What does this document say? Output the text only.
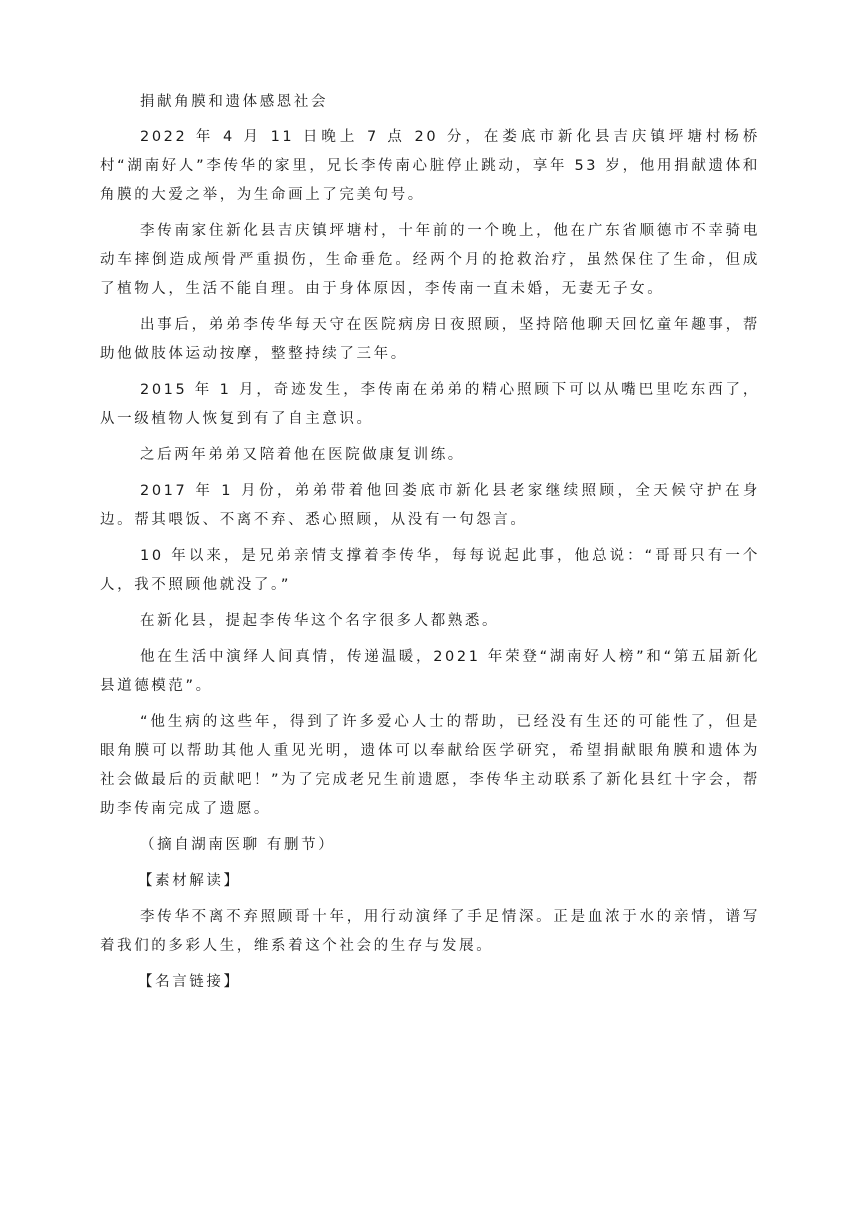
捐献角膜和遗体感恩社会

2022 年 4 月 11 日晚上 7 点 20 分，在娄底市新化县吉庆镇坪塘村杨桥村“湖南好人”李传华的家里，兄长李传南心脏停止跳动，享年 53 岁，他用捐献遗体和角膜的大爱之举，为生命画上了完美句号。

李传南家住新化县吉庆镇坪塘村，十年前的一个晚上，他在广东省顺德市不幸骑电动车摔倒造成颅骨严重损伤，生命垂危。经两个月的抢救治疗，虽然保住了生命，但成了植物人，生活不能自理。由于身体原因，李传南一直未婚，无妻无子女。

出事后，弟弟李传华每天守在医院病房日夜照顾，坚持陪他聊天回忆童年趣事，帮助他做肢体运动按摩，整整持续了三年。

2015 年 1 月，奇迹发生，李传南在弟弟的精心照顾下可以从嘴巴里吃东西了，从一级植物人恢复到有了自主意识。

之后两年弟弟又陪着他在医院做康复训练。

2017 年 1 月份，弟弟带着他回娄底市新化县老家继续照顾，全天候守护在身边。帮其喂饭、不离不弃、悉心照顾，从没有一句怨言。

10 年以来，是兄弟亲情支撑着李传华，每每说起此事，他总说：“哥哥只有一个人，我不照顾他就没了。”

在新化县，提起李传华这个名字很多人都熟悉。

他在生活中演绎人间真情，传递温暖，2021 年荣登“湖南好人榜”和“第五届新化县道德模范”。

“他生病的这些年，得到了许多爱心人士的帮助，已经没有生还的可能性了，但是眼角膜可以帮助其他人重见光明，遗体可以奉献给医学研究，希望捐献眼角膜和遗体为社会做最后的贡献吧！”为了完成老兄生前遗愿，李传华主动联系了新化县红十字会，帮助李传南完成了遗愿。

（摘自湖南医聊 有删节）

【素材解读】

李传华不离不弃照顾哥十年，用行动演绎了手足情深。正是血浓于水的亲情，谱写着我们的多彩人生，维系着这个社会的生存与发展。

【名言链接】
